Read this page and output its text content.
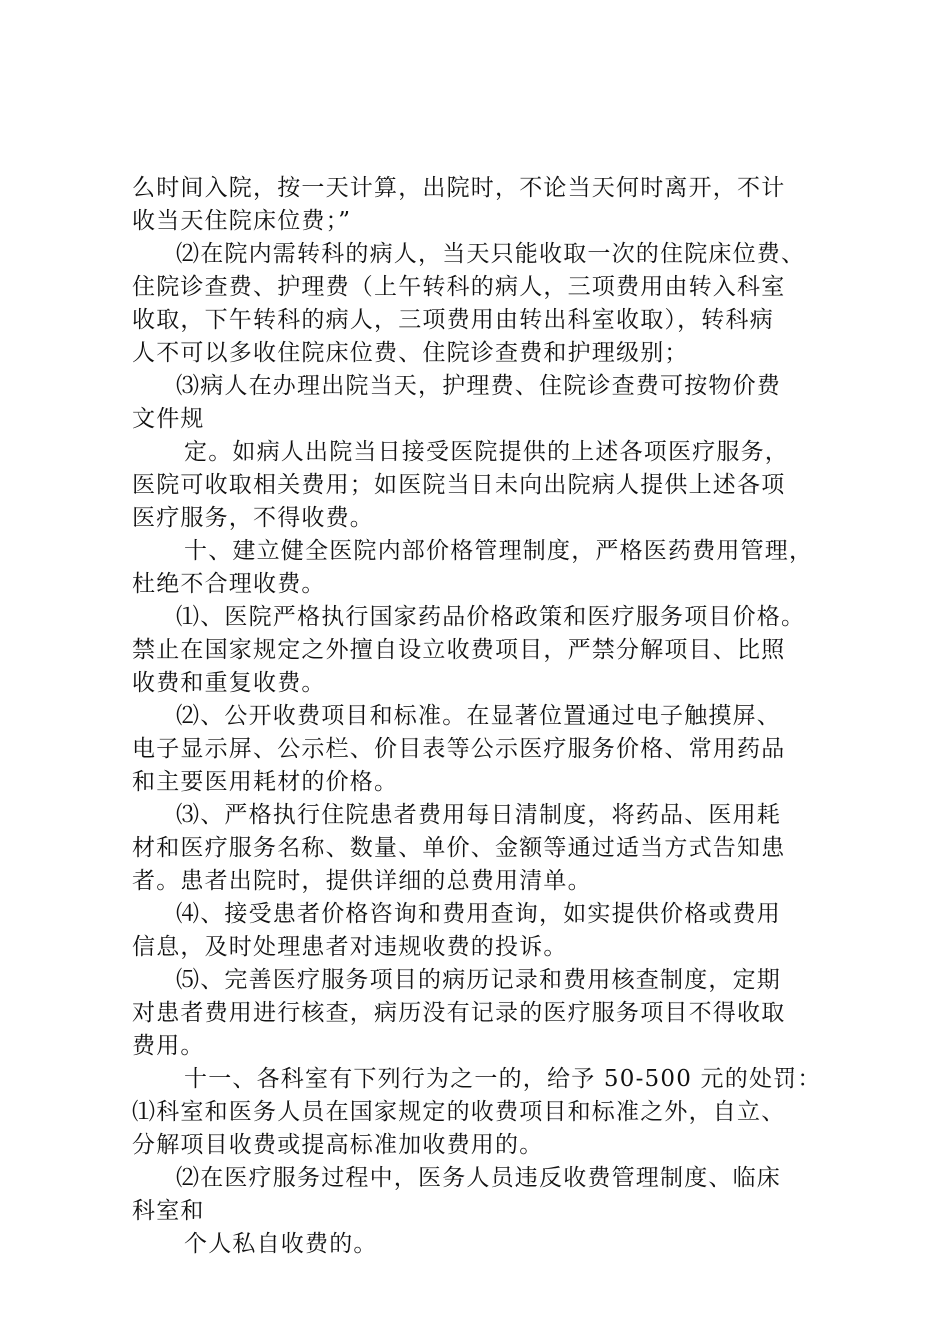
么时间入院，按一天计算，出院时，不论当天何时离开，不计

收当天住院床位费；”

⑵在院内需转科的病人，当天只能收取一次的住院床位费、

住院诊查费、护理费（上午转科的病人，三项费用由转入科室

收取，下午转科的病人，三项费用由转出科室收取），转科病

人不可以多收住院床位费、住院诊查费和护理级别；

⑶病人在办理出院当天，护理费、住院诊查费可按物价费

文件规

定。如病人出院当日接受医院提供的上述各项医疗服务，

医院可收取相关费用；如医院当日未向出院病人提供上述各项

医疗服务，不得收费。

十、建立健全医院内部价格管理制度，严格医药费用管理，

杜绝不合理收费。

⑴、医院严格执行国家药品价格政策和医疗服务项目价格。

禁止在国家规定之外擅自设立收费项目，严禁分解项目、比照

收费和重复收费。

⑵、公开收费项目和标准。在显著位置通过电子触摸屏、

电子显示屏、公示栏、价目表等公示医疗服务价格、常用药品

和主要医用耗材的价格。

⑶、严格执行住院患者费用每日清制度，将药品、医用耗

材和医疗服务名称、数量、单价、金额等通过适当方式告知患

者。患者出院时，提供详细的总费用清单。

⑷、接受患者价格咨询和费用查询，如实提供价格或费用

信息，及时处理患者对违规收费的投诉。

⑸、完善医疗服务项目的病历记录和费用核查制度，定期

对患者费用进行核查，病历没有记录的医疗服务项目不得收取

费用。

十一、各科室有下列行为之一的，给予 50-500 元的处罚：

⑴科室和医务人员在国家规定的收费项目和标准之外，自立、

分解项目收费或提高标准加收费用的。

⑵在医疗服务过程中，医务人员违反收费管理制度、临床

科室和

个人私自收费的。
